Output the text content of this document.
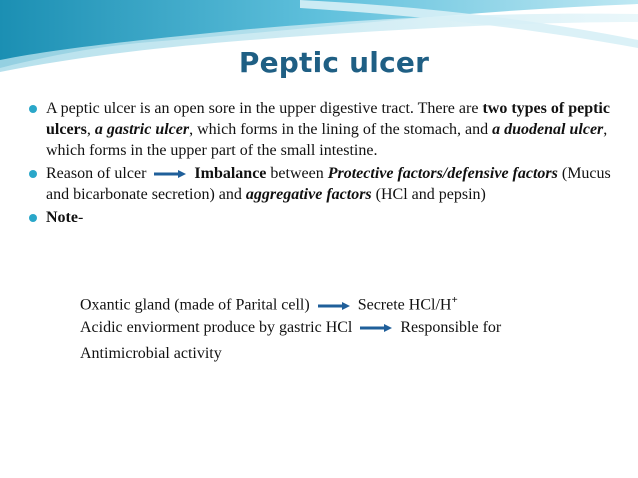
Peptic ulcer
A peptic ulcer is an open sore in the upper digestive tract. There are two types of peptic ulcers, a gastric ulcer, which forms in the lining of the stomach, and a duodenal ulcer, which forms in the upper part of the small intestine.
Reason of ulcer	Imbalance between Protective factors/defensive factors (Mucus and bicarbonate secretion) and aggregative factors (HCl and pepsin)
Note-
Oxantic gland (made of Parital cell)	Secrete HCl/H+
Acidic enviorment produce by gastric HCl	Responsible for
Antimicrobial activity
